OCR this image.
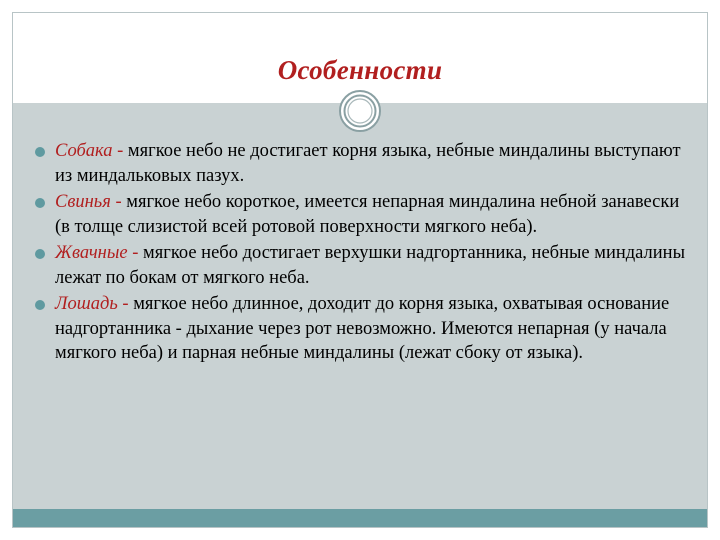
Особенности
Собака - мягкое небо не достигает корня языка, небные миндалины выступают из миндальковых пазух.
Свинья - мягкое небо короткое, имеется непарная миндалина небной занавески (в толще слизистой всей ротовой поверхности мягкого неба).
Жвачные - мягкое небо достигает верхушки надгортанника, небные миндалины лежат по бокам от мягкого неба.
Лошадь - мягкое небо длинное, доходит до корня языка, охватывая основание надгортанника - дыхание через рот невозможно. Имеются непарная (у начала мягкого неба) и парная небные миндалины (лежат сбоку от языка).
